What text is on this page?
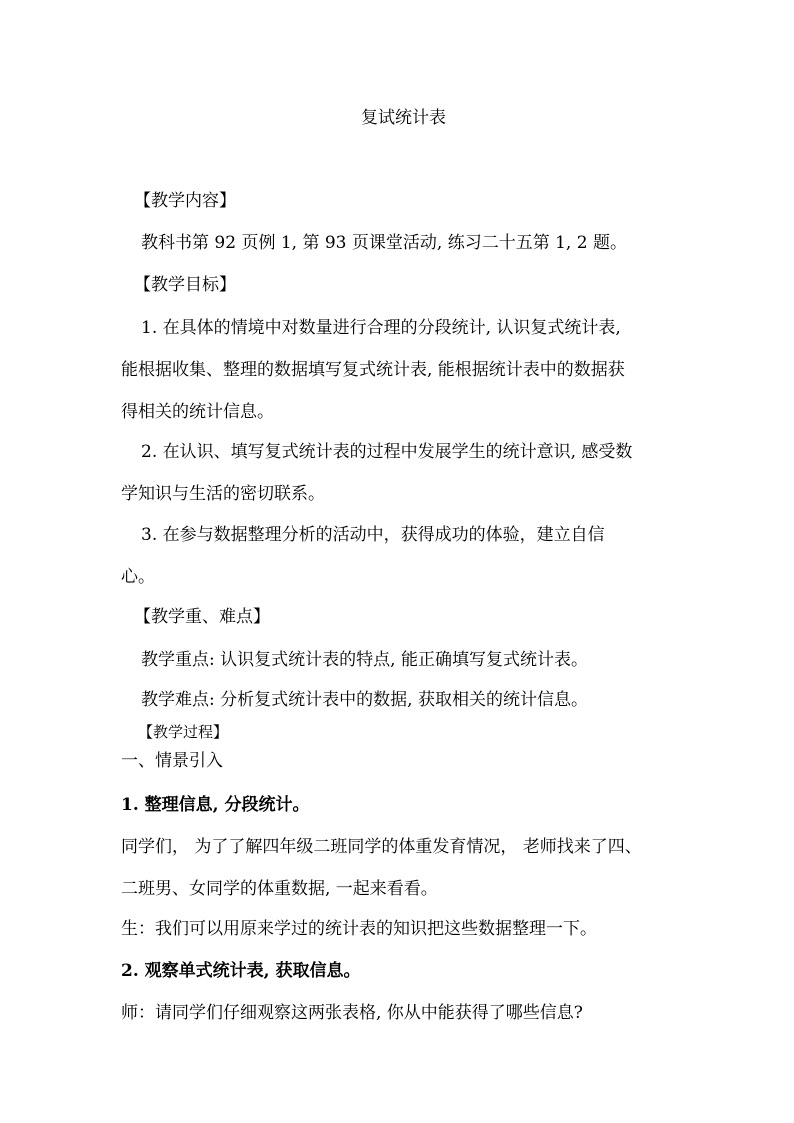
复试统计表
【教学内容】
教科书第 92 页例 1, 第 93 页课堂活动, 练习二十五第 1, 2 题。
【教学目标】
1. 在具体的情境中对数量进行合理的分段统计, 认识复式统计表,
能根据收集、整理的数据填写复式统计表, 能根据统计表中的数据获
得相关的统计信息。
2. 在认识、填写复式统计表的过程中发展学生的统计意识, 感受数
学知识与生活的密切联系。
3. 在参与数据整理分析的活动中，获得成功的体验，建立自信
心。
【教学重、难点】
教学重点: 认识复式统计表的特点, 能正确填写复式统计表。
教学难点: 分析复式统计表中的数据, 获取相关的统计信息。
【教学过程】
一、情景引入
1. 整理信息, 分段统计。
同学们， 为了了解四年级二班同学的体重发育情况， 老师找来了四、
二班男、女同学的体重数据, 一起来看看。
生：我们可以用原来学过的统计表的知识把这些数据整理一下。
2. 观察单式统计表, 获取信息。
师：请同学们仔细观察这两张表格, 你从中能获得了哪些信息?
